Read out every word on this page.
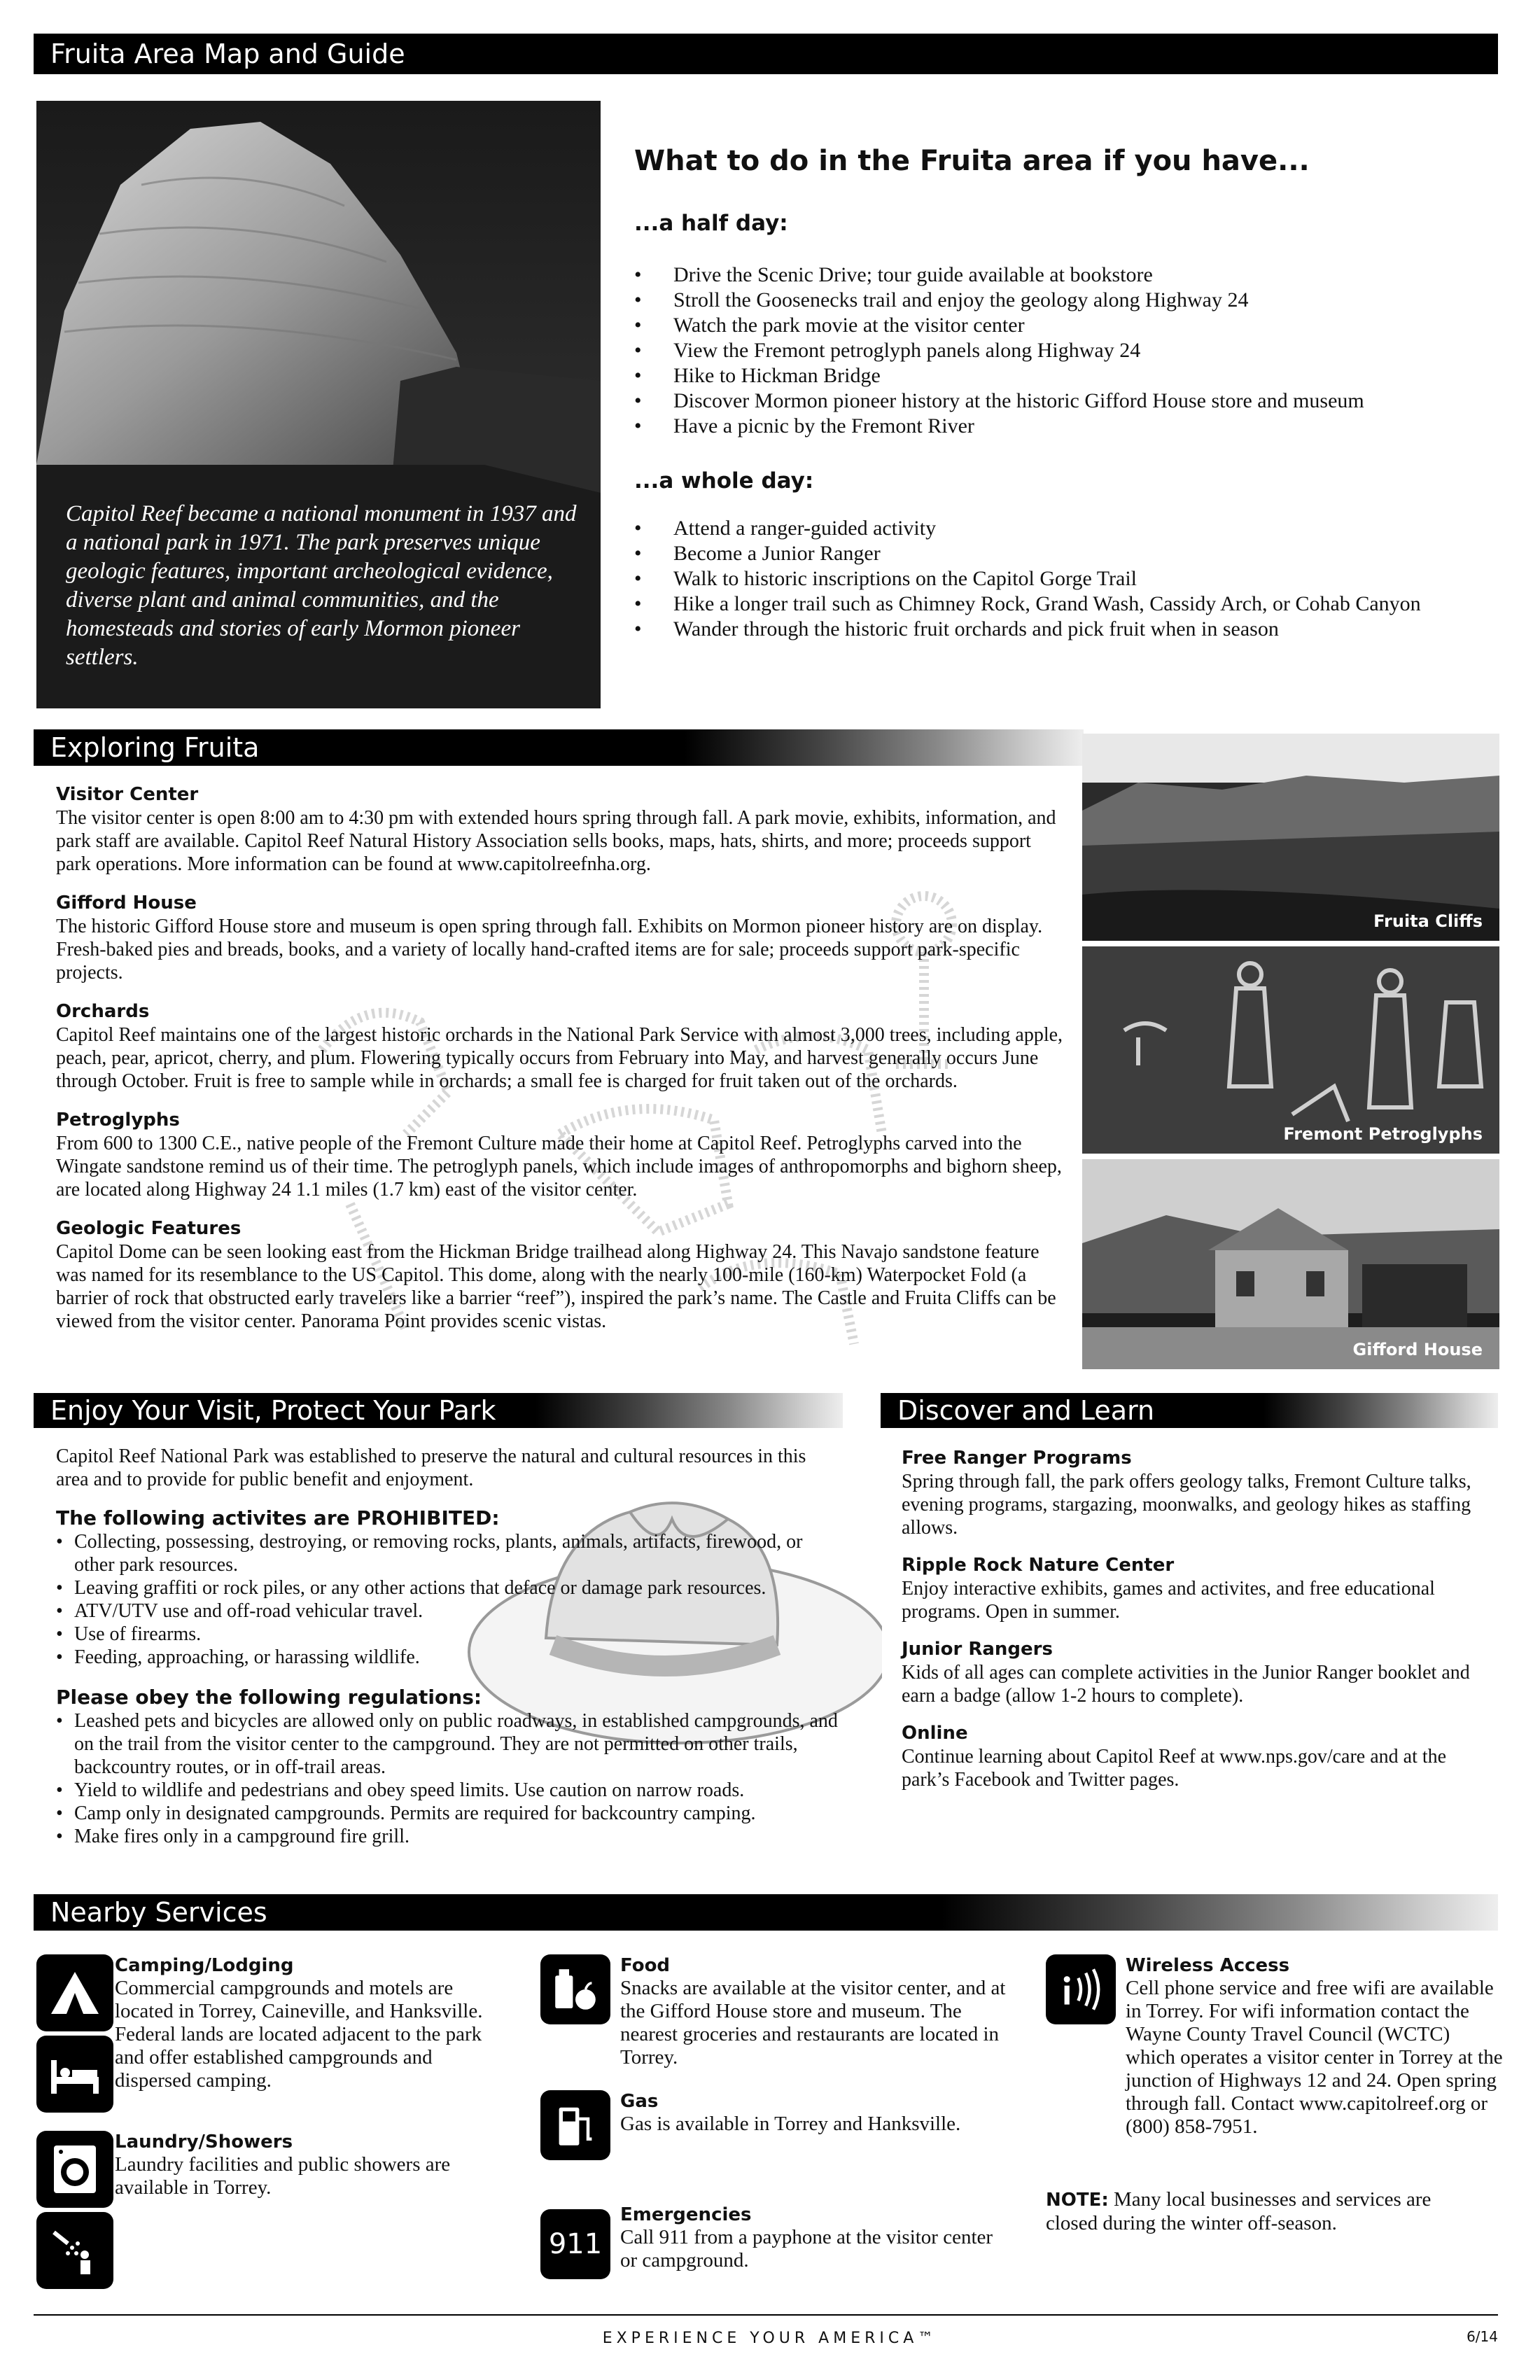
Fruita Area Map and Guide
Capitol Reef became a national monument in 1937 and a national park in 1971. The park preserves unique geologic features, important archeological evidence, diverse plant and animal communities, and the homesteads and stories of early Mormon pioneer settlers.
What to do in the Fruita area if you have...
...a half day:
• Drive the Scenic Drive; tour guide available at bookstore
• Stroll the Goosenecks trail and enjoy the geology along Highway 24
• Watch the park movie at the visitor center
• View the Fremont petroglyph panels along Highway 24
• Hike to Hickman Bridge
• Discover Mormon pioneer history at the historic Gifford House store and museum
• Have a picnic by the Fremont River
...a whole day:
• Attend a ranger-guided activity
• Become a Junior Ranger
• Walk to historic inscriptions on the Capitol Gorge Trail
• Hike a longer trail such as Chimney Rock, Grand Wash, Cassidy Arch, or Cohab Canyon
• Wander through the historic fruit orchards and pick fruit when in season
Exploring Fruita
Visitor Center
The visitor center is open 8:00 am to 4:30 pm with extended hours spring through fall. A park movie, exhibits, information, and park staff are available. Capitol Reef Natural History Association sells books, maps, hats, shirts, and more; proceeds support park operations. More information can be found at www.capitolreefnha.org.
Gifford House
The historic Gifford House store and museum is open spring through fall. Exhibits on Mormon pioneer history are on display. Fresh-baked pies and breads, books, and a variety of locally hand-crafted items are for sale; proceeds support park-specific projects.
Orchards
Capitol Reef maintains one of the largest historic orchards in the National Park Service with almost 3,000 trees, including apple, peach, pear, apricot, cherry, and plum. Flowering typically occurs from February into May, and harvest generally occurs June through October. Fruit is free to sample while in orchards; a small fee is charged for fruit taken out of the orchards.
Petroglyphs
From 600 to 1300 C.E., native people of the Fremont Culture made their home at Capitol Reef. Petroglyphs carved into the Wingate sandstone remind us of their time. The petroglyph panels, which include images of anthropomorphs and bighorn sheep, are located along Highway 24 1.1 miles (1.7 km) east of the visitor center.
Geologic Features
Capitol Dome can be seen looking east from the Hickman Bridge trailhead along Highway 24. This Navajo sandstone feature was named for its resemblance to the US Capitol. This dome, along with the nearly 100-mile (160-km) Waterpocket Fold (a barrier of rock that obstructed early travelers like a barrier “reef”), inspired the park’s name. The Castle and Fruita Cliffs can be viewed from the visitor center. Panorama Point provides scenic vistas.
Fruita Cliffs
Fremont Petroglyphs
Gifford House
Enjoy Your Visit, Protect Your Park
Capitol Reef National Park was established to preserve the natural and cultural resources in this area and to provide for public benefit and enjoyment.
The following activites are PROHIBITED:
• Collecting, possessing, destroying, or removing rocks, plants, animals, artifacts, firewood, or other park resources.
• Leaving graffiti or rock piles, or any other actions that deface or damage park resources.
• ATV/UTV use and off-road vehicular travel.
• Use of firearms.
• Feeding, approaching, or harassing wildlife.
Please obey the following regulations:
• Leashed pets and bicycles are allowed only on public roadways, in established campgrounds, and on the trail from the visitor center to the campground. They are not permitted on other trails, backcountry routes, or in off-trail areas.
• Yield to wildlife and pedestrians and obey speed limits. Use caution on narrow roads.
• Camp only in designated campgrounds. Permits are required for backcountry camping.
• Make fires only in a campground fire grill.
Discover and Learn
Free Ranger Programs
Spring through fall, the park offers geology talks, Fremont Culture talks, evening programs, stargazing, moonwalks, and geology hikes as staffing allows.
Ripple Rock Nature Center
Enjoy interactive exhibits, games and activites, and free educational programs. Open in summer.
Junior Rangers
Kids of all ages can complete activities in the Junior Ranger booklet and earn a badge (allow 1-2 hours to complete).
Online
Continue learning about Capitol Reef at www.nps.gov/care and at the park’s Facebook and Twitter pages.
Nearby Services
Camping/Lodging
Commercial campgrounds and motels are located in Torrey, Caineville, and Hanksville. Federal lands are located adjacent to the park and offer established campgrounds and dispersed camping.
Laundry/Showers
Laundry facilities and public showers are available in Torrey.
Food
Snacks are available at the visitor center, and at the Gifford House store and museum. The nearest groceries and restaurants are located in Torrey.
Gas
Gas is available in Torrey and Hanksville.
911
Emergencies
Call 911 from a payphone at the visitor center or campground.
Wireless Access
Cell phone service and free wifi are available in Torrey. For wifi information contact the Wayne County Travel Council (WCTC) which operates a visitor center in Torrey at the junction of Highways 12 and 24. Open spring through fall. Contact www.capitolreef.org or (800) 858-7951.
NOTE: Many local businesses and services are closed during the winter off-season.
EXPERIENCE YOUR AMERICA™	6/14
